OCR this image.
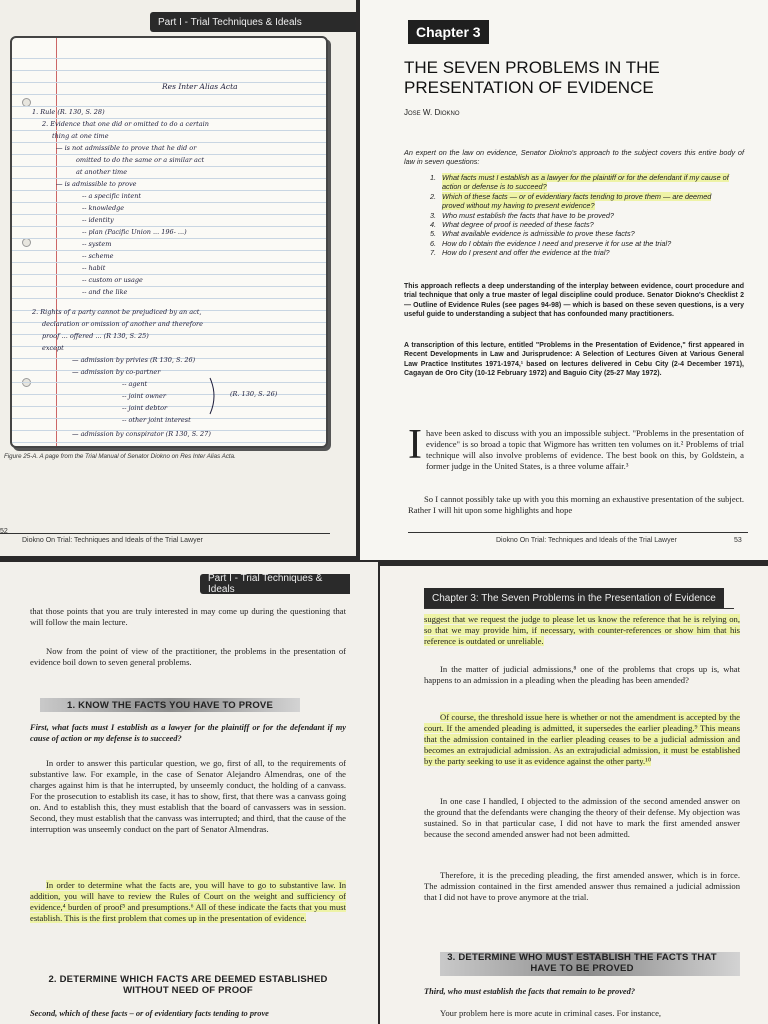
Part I - Trial Techniques & Ideals
Res Inter Alias Acta
1. Rule (R. 130, S. 28)
2. Evidence that one did or omitted to do a certain
thing at one time
— is not admissible to prove that he did or
omitted to do the same or a similar act
at another time
— is admissible to prove
-- a specific intent
-- knowledge
-- identity
-- plan (Pacific Union ... 196- ...)
-- system
-- scheme
-- habit
-- custom or usage
-- and the like
2. Rights of a party cannot be prejudiced by an act,
declaration or omission of another and therefore
proof ... offered ... (R 130, S. 25)
except
— admission by privies (R 130, S. 26)
— admission by co-partner
-- agent
-- joint owner
-- joint debtor
-- other joint interest
— admission by conspirator (R 130, S. 27)
(R. 130, S. 26)
Figure 25-A. A page from the Trial Manual of Senator Diokno on Res Inter Alias Acta.
52
Diokno On Trial: Techniques and Ideals of the Trial Lawyer
Chapter 3
THE SEVEN PROBLEMS IN THE PRESENTATION OF EVIDENCE
Jose W. Diokno
An expert on the law on evidence, Senator Diokno's approach to the subject covers this entire body of law in seven questions:
1. What facts must I establish as a lawyer for the plaintiff or for the defendant if my cause of action or defense is to succeed?
2. Which of these facts — or of evidentiary facts tending to prove them — are deemed proved without my having to present evidence?
3. Who must establish the facts that have to be proved?
4. What degree of proof is needed of these facts?
5. What available evidence is admissible to prove these facts?
6. How do I obtain the evidence I need and preserve it for use at the trial?
7. How do I present and offer the evidence at the trial?
This approach reflects a deep understanding of the interplay between evidence, court procedure and trial technique that only a true master of legal discipline could produce. Senator Diokno's Checklist 2 — Outline of Evidence Rules (see pages 94-98) — which is based on these seven questions, is a very useful guide to understanding a subject that has confounded many practitioners.
A transcription of this lecture, entitled "Problems in the Presentation of Evidence," first appeared in Recent Developments in Law and Jurisprudence: A Selection of Lectures Given at Various General Law Practice Institutes 1971-1974,¹ based on lectures delivered in Cebu City (2-4 December 1971), Cagayan de Oro City (10-12 February 1972) and Baguio City (25-27 May 1972).
Ihave been asked to discuss with you an impossible subject. "Problems in the presentation of evidence" is so broad a topic that Wigmore has written ten volumes on it.² Problems of trial technique will also involve problems of evidence. The best book on this, by Goldstein, a former judge in the United States, is a three volume affair.³
So I cannot possibly take up with you this morning an exhaustive presentation of the subject. Rather I will hit upon some highlights and hope
Diokno On Trial: Techniques and Ideals of the Trial Lawyer	53
Part I - Trial Techniques & Ideals
that those points that you are truly interested in may come up during the questioning that will follow the main lecture.
Now from the point of view of the practitioner, the problems in the presentation of evidence boil down to seven general problems.
1. KNOW THE FACTS YOU HAVE TO PROVE
First, what facts must I establish as a lawyer for the plaintiff or for the defendant if my cause of action or my defense is to succeed?
In order to answer this particular question, we go, first of all, to the requirements of substantive law. For example, in the case of Senator Alejandro Almendras, one of the charges against him is that he interrupted, by unseemly conduct, the holding of a canvass. For the prosecution to establish its case, it has to show, first, that there was a canvass going on. And to establish this, they must establish that the board of canvassers was in session. Second, they must establish that the canvass was interrupted; and third, that the cause of the interruption was unseemly conduct on the part of Senator Almendras.
In order to determine what the facts are, you will have to go to substantive law. In addition, you will have to review the Rules of Court on the weight and sufficiency of evidence,⁴ burden of proof⁵ and presumptions.⁶ All of these indicate the facts that you must establish. This is the first problem that comes up in the presentation of evidence.
2. DETERMINE WHICH FACTS ARE DEEMED ESTABLISHED
WITHOUT NEED OF PROOF
Second, which of these facts – or of evidentiary facts tending to prove
Chapter 3: The Seven Problems in the Presentation of Evidence
suggest that we request the judge to please let us know the reference that he is relying on, so that we may provide him, if necessary, with counter-references or show him that his reference is outdated or unreliable.
In the matter of judicial admissions,⁸ one of the problems that crops up is, what happens to an admission in a pleading when the pleading has been amended?
Of course, the threshold issue here is whether or not the amendment is accepted by the court. If the amended pleading is admitted, it supersedes the earlier pleading.⁹ This means that the admission contained in the earlier pleading ceases to be a judicial admission and becomes an extrajudicial admission. As an extrajudicial admission, it must be established by the party seeking to use it as evidence against the other party.¹⁰
In one case I handled, I objected to the admission of the second amended answer on the ground that the defendants were changing the theory of their defense. My objection was sustained. So in that particular case, I did not have to mark the first amended answer because the second amended answer had not been admitted.
Therefore, it is the preceding pleading, the first amended answer, which is in force. The admission contained in the first amended answer thus remained a judicial admission that I did not have to prove anymore at the trial.
3. DETERMINE WHO MUST ESTABLISH THE FACTS THAT
HAVE TO BE PROVED
Third, who must establish the facts that remain to be proved?
Your problem here is more acute in criminal cases. For instance,
